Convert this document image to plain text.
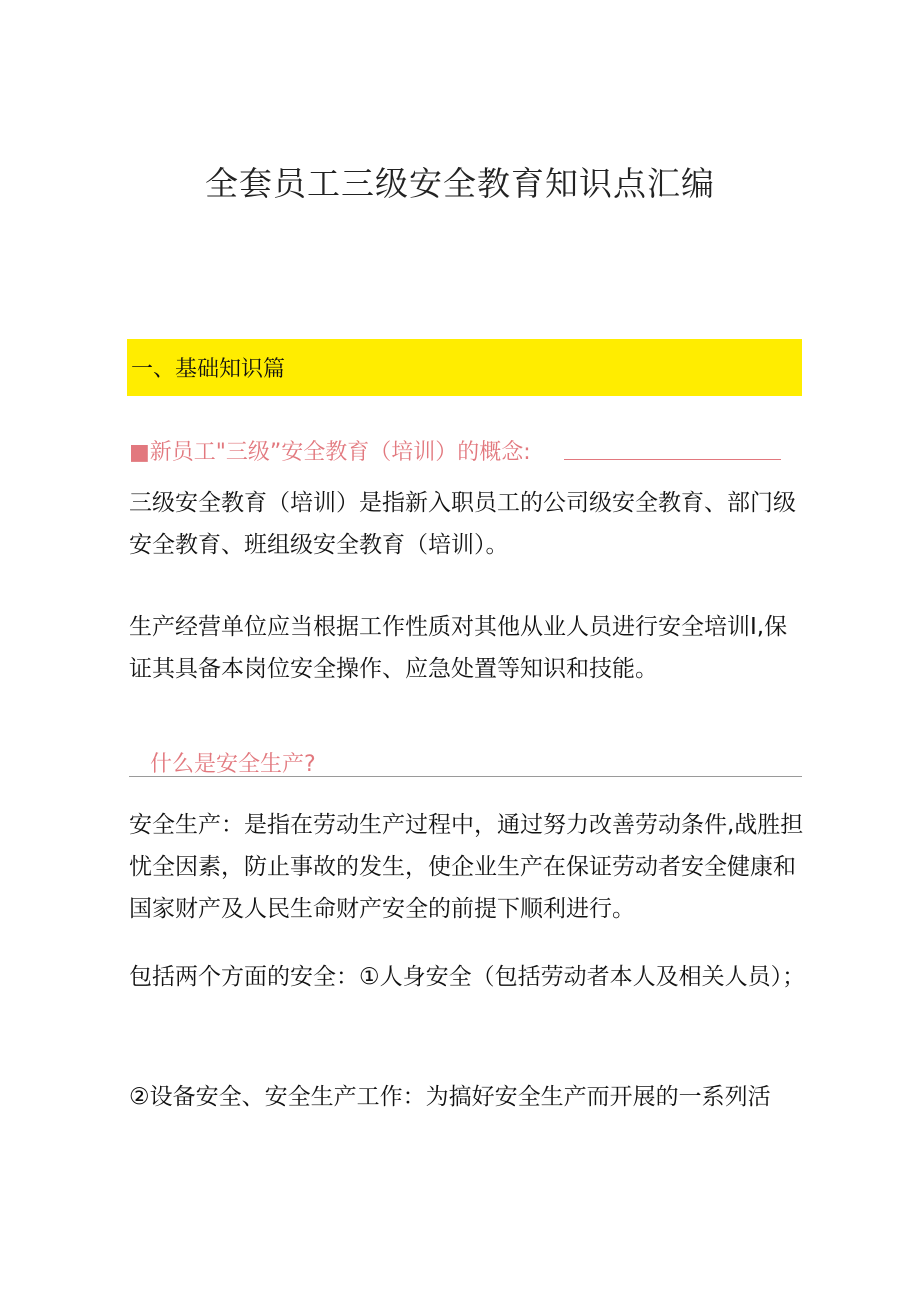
全套员工三级安全教育知识点汇编
一、基础知识篇
■新员工"三级”安全教育（培训）的概念:

三级安全教育（培训）是指新入职员工的公司级安全教育、部门级安全教育、班组级安全教育（培训）。

生产经营单位应当根据工作性质对其他从业人员进行安全培训I,保证其具备本岗位安全操作、应急处置等知识和技能。

什么是安全生产?

安全生产：是指在劳动生产过程中，通过努力改善劳动条件,战胜担忧全因素，防止事故的发生，使企业生产在保证劳动者安全健康和国家财产及人民生命财产安全的前提下顺利进行。

包括两个方面的安全：①人身安全（包括劳动者本人及相关人员）；

②设备安全、安全生产工作：为搞好安全生产而开展的一系列活
